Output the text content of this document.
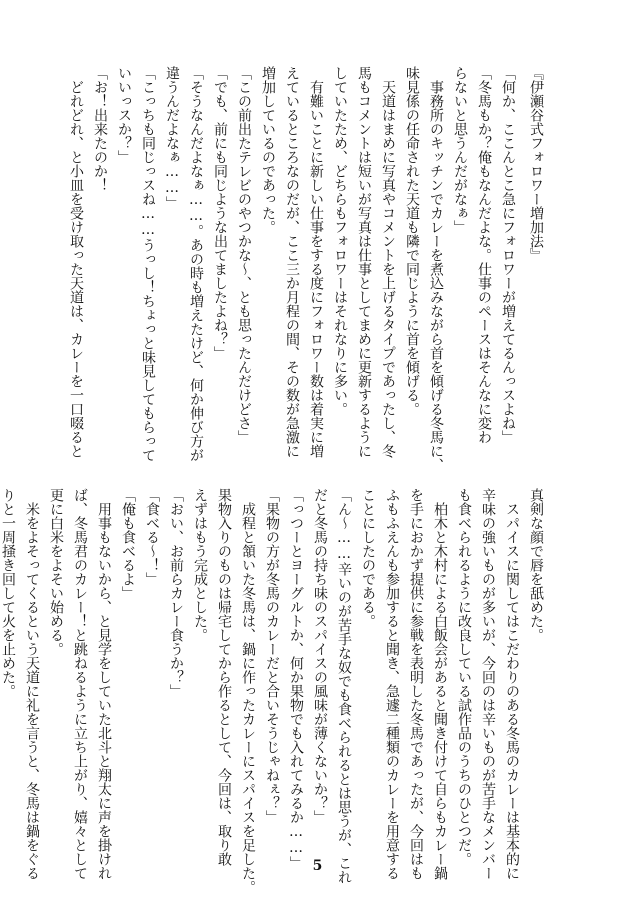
『伊瀬谷式フォロワー増加法』

「何か、ここんとこ急にフォロワーが増えてるんっスよね」

「冬馬もか？俺もなんだよな。仕事のペースはそんなに変わ

らないと思うんだがなぁ」

　事務所のキッチンでカレーを煮込みながら首を傾げる冬馬に、

味見係の任命された天道も隣で同じように首を傾げる。

　天道はまめに写真やコメントを上げるタイプであったし、冬

馬もコメントは短いが写真は仕事としてまめに更新するように

していたため、どちらもフォロワーはそれなりに多い。

　有難いことに新しい仕事をする度にフォロワー数は着実に増

えているところなのだが、ここ三か月程の間、その数が急激に

増加しているのであった。

「この前出たテレビのやつかな〜、とも思ったんだけどさ」

「でも、前にも同じような出てましたよね？」

「そうなんだよなぁ……。あの時も増えたけど、何か伸び方が

違うんだよなぁ……」

「こっちも同じっスね……うっし！ちょっと味見してもらって

いいっスか？」

「お！出来たのか！

　どれどれ、と小皿を受け取った天道は、カレーを一口啜ると

真剣な顔で唇を舐めた。

　スパイスに関してはこだわりのある冬馬のカレーは基本的に

辛味の強いものが多いが、今回のは辛いものが苦手なメンバー

も食べられるように改良している試作品のうちのひとつだ。

　柏木と木村による白飯会があると聞き付けて自らもカレー鍋

を手におかず提供に参戦を表明した冬馬であったが、今回はも

ふもふえんも参加すると聞き、急遽二種類のカレーを用意する

ことにしたのである。

「ん〜……辛いのが苦手な奴でも食べられるとは思うが、これ

だと冬馬の持ち味のスパイスの風味が薄くないか？」

「っつーとヨーグルトか、何か果物でも入れてみるか……」

「果物の方が冬馬のカレーだと合いそうじゃねぇ？」

　成程と頷いた冬馬は、鍋に作ったカレーにスパイスを足した。

果物入りのものは帰宅してから作るとして、今回は、取り敢

えずはもう完成とした。

「おい、お前らカレー食うか？」

「食べる〜！」

「俺も食べるよ」

　用事もないから、と見学をしていた北斗と翔太に声を掛けれ

ば、冬馬君のカレー！と跳ねるように立ち上がり、嬉々として

更に白米をよそい始める。

　米をよそってくるという天道に礼を言うと、冬馬は鍋をぐる

りと一周掻き回して火を止めた。

5
